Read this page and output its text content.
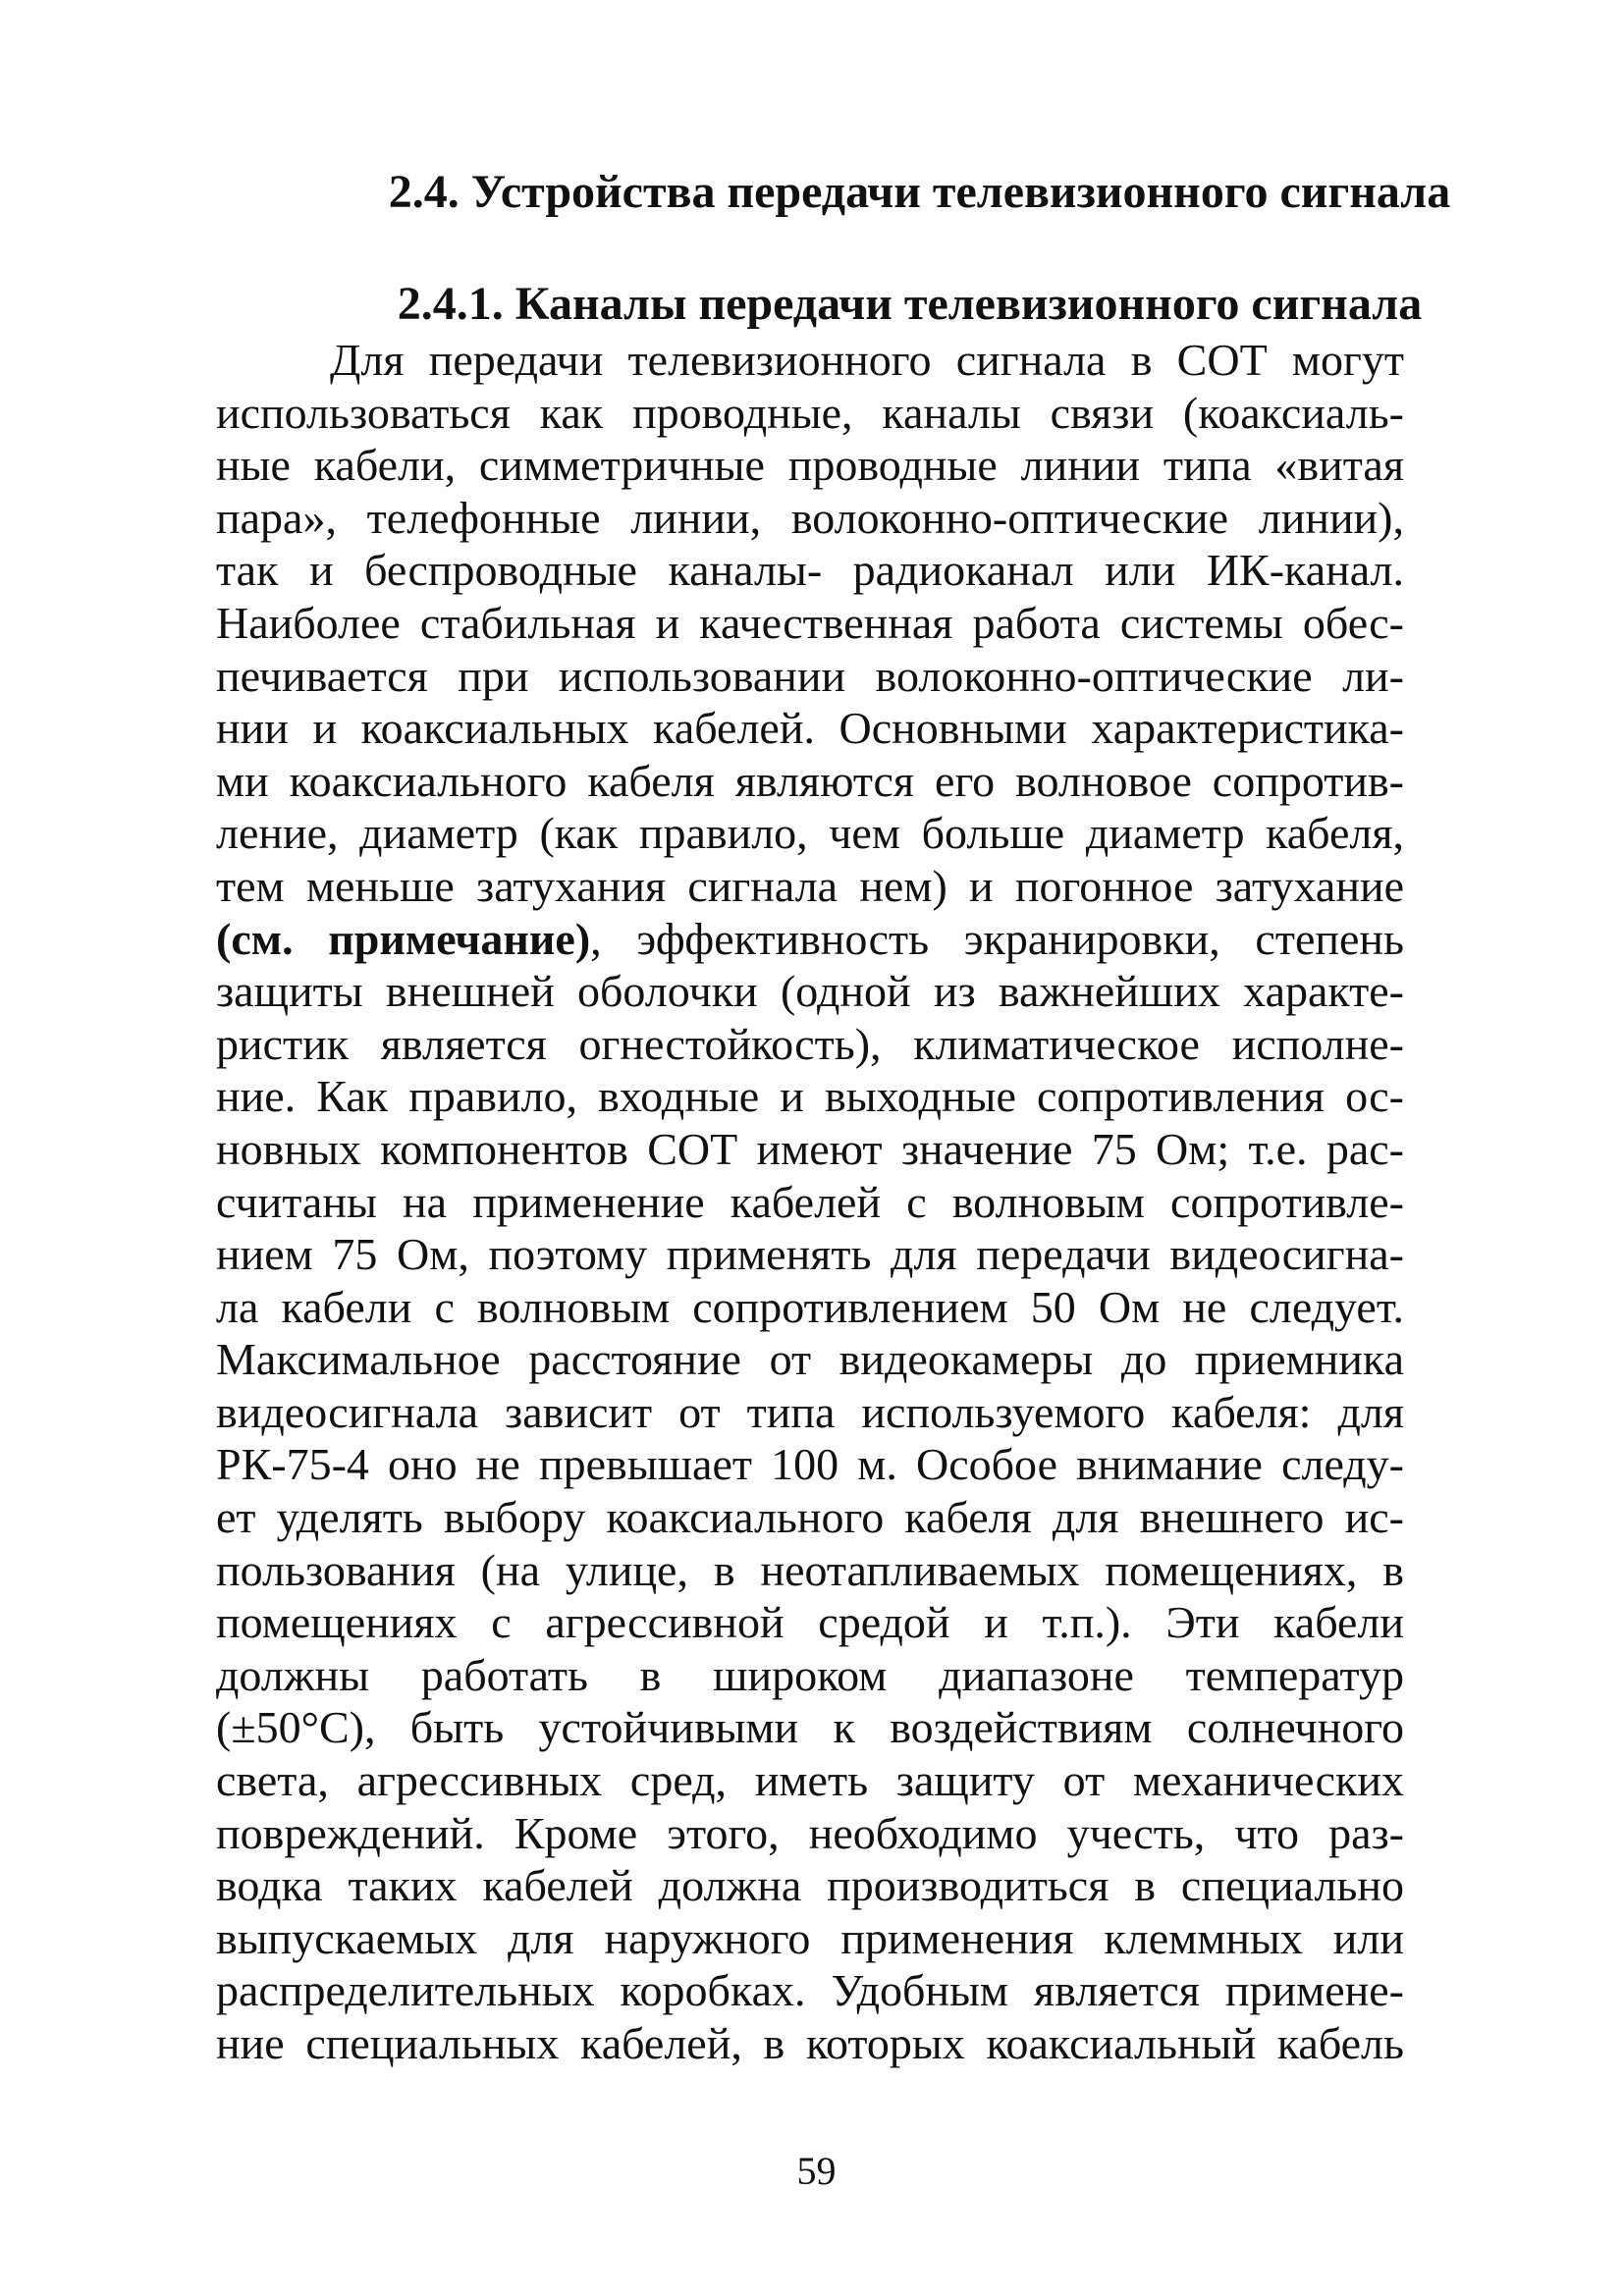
2.4. Устройства передачи телевизионного сигнала
2.4.1. Каналы передачи телевизионного сигнала
Для передачи телевизионного сигнала в СОТ могут
использоваться как проводные, каналы связи (коаксиаль-
ные кабели, симметричные проводные линии типа «витая
пара», телефонные линии, волоконно-оптические линии),
так и беспроводные каналы- радиоканал или ИК-канал.
Наиболее стабильная и качественная работа системы обес-
печивается при использовании волоконно-оптические ли-
нии и коаксиальных кабелей. Основными характеристика-
ми коаксиального кабеля являются его волновое сопротив-
ление, диаметр (как правило, чем больше диаметр кабеля,
тем меньше затухания сигнала нем) и погонное затухание
(см. примечание), эффективность экранировки, степень
защиты внешней оболочки (одной из важнейших характе-
ристик является огнестойкость), климатическое исполне-
ние. Как правило, входные и выходные сопротивления ос-
новных компонентов СОТ имеют значение 75 Ом; т.е. рас-
считаны на применение кабелей с волновым сопротивле-
нием 75 Ом, поэтому применять для передачи видеосигна-
ла кабели с волновым сопротивлением 50 Ом не следует.
Максимальное расстояние от видеокамеры до приемника
видеосигнала зависит от типа используемого кабеля: для
РК-75-4 оно не превышает 100 м. Особое внимание следу-
ет уделять выбору коаксиального кабеля для внешнего ис-
пользования (на улице, в неотапливаемых помещениях, в
помещениях с агрессивной средой и т.п.). Эти кабели
должны работать в широком диапазоне температур
(±50°С), быть устойчивыми к воздействиям солнечного
света, агрессивных сред, иметь защиту от механических
повреждений. Кроме этого, необходимо учесть, что раз-
водка таких кабелей должна производиться в специально
выпускаемых для наружного применения клеммных или
распределительных коробках. Удобным является примене-
ние специальных кабелей, в которых коаксиальный кабель
59
